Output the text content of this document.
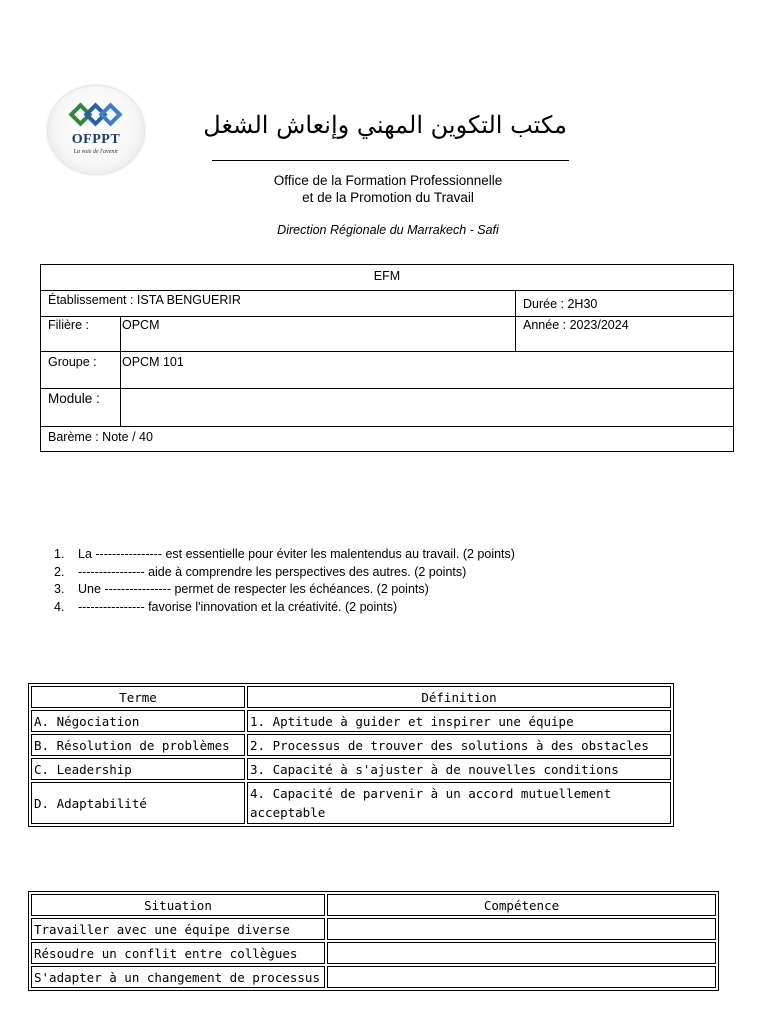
OFPPT
La voie de l'avenir
مكتب التكوين المهني وإنعاش الشغل
Office de la Formation Professionnelle
et de la Promotion du Travail
Direction Régionale du Marrakech - Safi
EFM
Établissement : ISTA BENGUERIR	Durée : 2H30
Filière :	OPCM	Année : 2023/2024
Groupe : OPCM 101
Module :
Barème : Note / 40
1.	La ---------------- est essentielle pour éviter les malentendus au travail. (2 points)
2.	---------------- aide à comprendre les perspectives des autres. (2 points)
3.	Une ---------------- permet de respecter les échéances. (2 points)
4.	---------------- favorise l'innovation et la créativité. (2 points)
Terme	Définition
A. Négociation	1. Aptitude à guider et inspirer une équipe
B. Résolution de problèmes	2. Processus de trouver des solutions à des obstacles
C. Leadership	3. Capacité à s'ajuster à de nouvelles conditions
D. Adaptabilité	4. Capacité de parvenir à un accord mutuellement acceptable
Situation	Compétence
Travailler avec une équipe diverse	
Résoudre un conflit entre collègues	
S'adapter à un changement de processus	
